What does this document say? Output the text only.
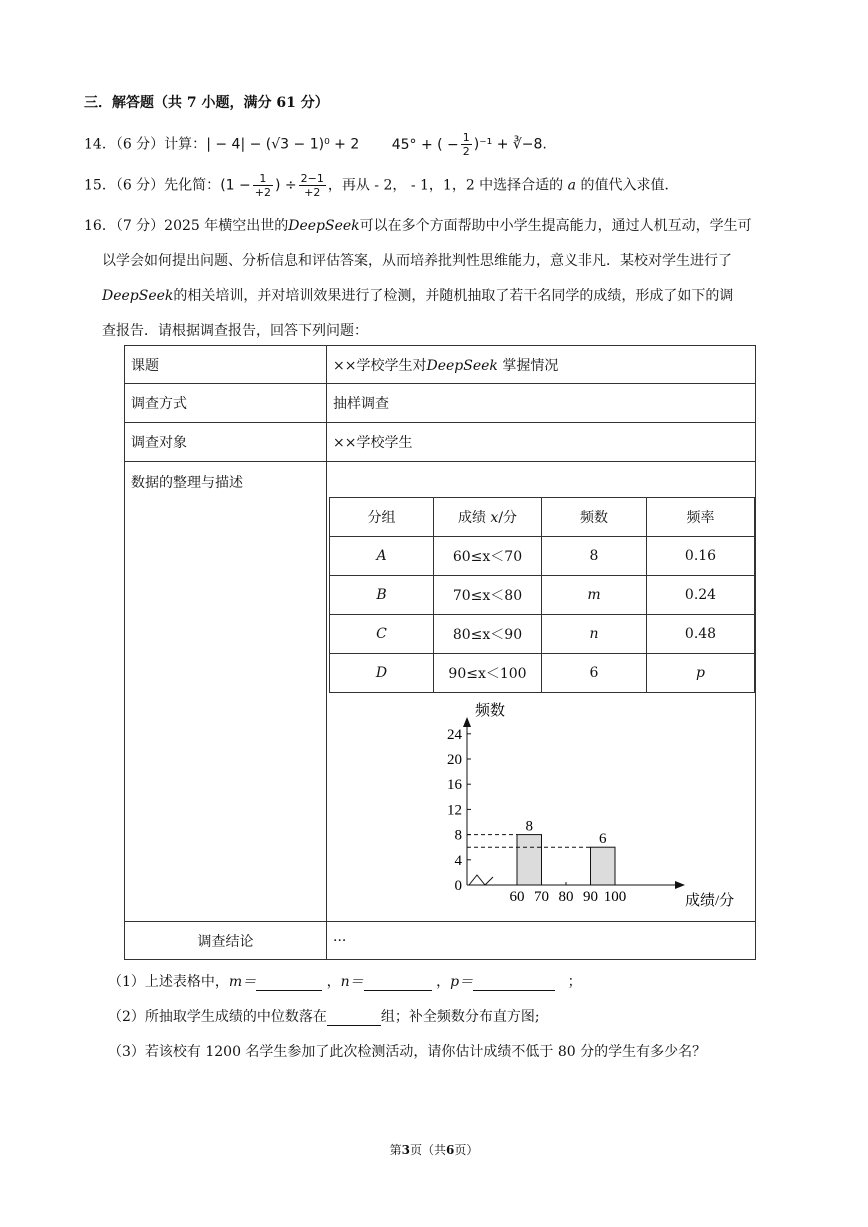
三．解答题（共 7 小题，满分 61 分）
14．（6 分）计算：| − 4| − (√3 − 1)⁰ + 2 45° + ( − $\frac{1}{2} )^{-1}$ + ∛−8.
15．（6 分）先化简：($1 - \frac{1}{+2}$ ) ÷ $\frac{2-1}{+2}$ ，再从 - 2， - 1，1，2 中选择合适的 a 的值代入求值．
16．（7 分）2025 年横空出世的DeepSeek可以在多个方面帮助中小学生提高能力，通过人机互动，学生可
以学会如何提出问题、分析信息和评估答案，从而培养批判性思维能力，意义非凡．某校对学生进行了
DeepSeek的相关培训，并对培训效果进行了检测，并随机抽取了若干名同学的成绩，形成了如下的调
查报告．请根据调查报告，回答下列问题：
课题	××学校学生对DeepSeek 掌握情况
调查方式	抽样调查
调查对象	××学校学生
数据的整理与描述	
分组	成绩 x/分	频数	频率
A	60≤x＜70	8	0.16
B	70≤x＜80	m	0.24
C	80≤x＜90	n	0.48
D	90≤x＜100	6	p
频数
成绩/分
0
4
8
12
16
20
24
60 70 80 90 100
8
6

调查结论	···
（1）上述表格中，m＝	，n＝	，p＝	；
（2）所抽取学生成绩的中位数落在	组；补全频数分布直方图;
（3）若该校有 1200 名学生参加了此次检测活动，请你估计成绩不低于 80 分的学生有多少名？
第3页（共6页）
